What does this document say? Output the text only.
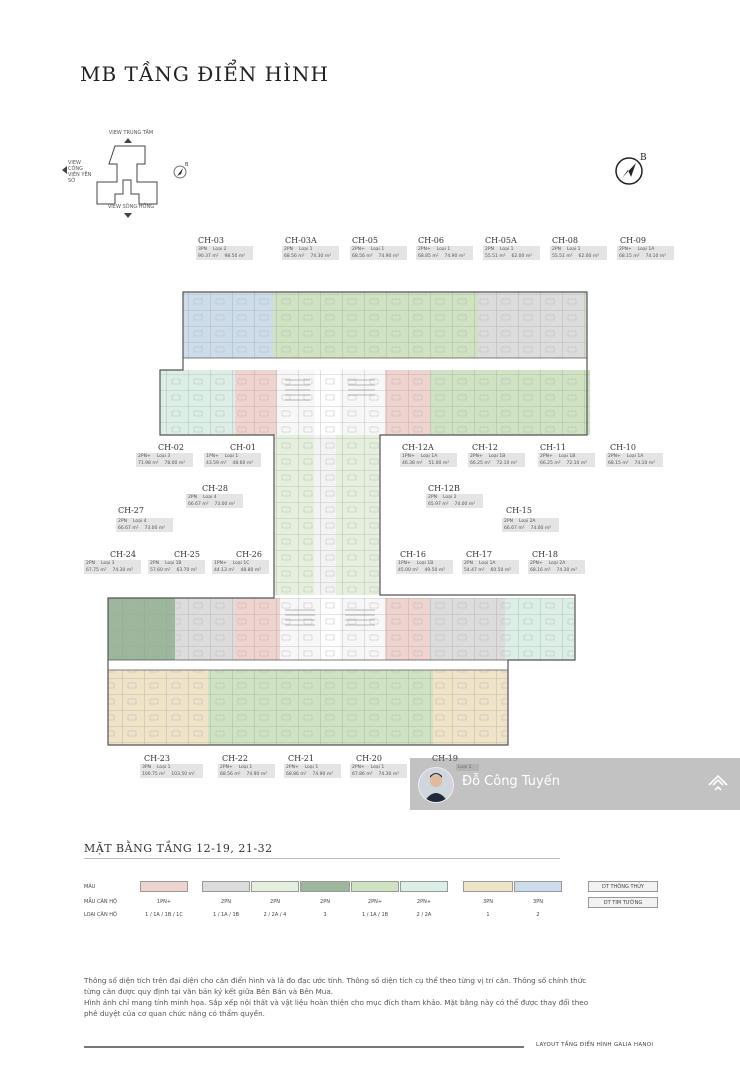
MB TẦNG ĐIỂN HÌNH
VIEW TRUNG TÂM
B
VIEW CÔNG VIÊN YÊN SỞ
VIEW SÔNG HỒNG
B
CH-03
3PN Loại 2
90.37 m² 98.50 m²
CH-03A
2PN Loại 1
68.56 m² 74.30 m²
CH-05
2PN+ Loại 1
68.56 m² 74.90 m²
CH-06
2PN+ Loại 1
68.85 m² 74.90 m²
CH-05A
2PN Loại 1
55.51 m² 62.00 m²
CH-08
2PN Loại 1
55.51 m² 62.00 m²
CH-09
2PN+ Loại 1A
68.15 m² 74.10 m²
CH-02
2PN+ Loại 3
71.98 m² 78.00 m²
CH-01
1PN+ Loại 1
43.59 m² 48.60 m²
CH-12A
1PN+ Loại 1A
46.38 m² 51.00 m²
CH-12
2PN+ Loại 1B
66.25 m² 72.10 m²
CH-11
2PN+ Loại 1B
66.25 m² 72.10 m²
CH-10
2PN+ Loại 1A
68.15 m² 74.10 m²
CH-28
2PN Loại 4
66.67 m² 73.00 m²
CH-12B
2PN Loại 2
65.97 m² 74.00 m²
CH-27
2PN Loại 4
66.67 m² 73.00 m²
CH-15
2PN Loại 2A
66.67 m² 74.00 m²
CH-24
2PN Loại 3
67.75 m² 74.30 m²
CH-25
2PN Loại 1B
57.60 m² 63.70 m²
CH-26
1PN+ Loại 1C
44.13 m² 48.80 m²
CH-16
1PN+ Loại 1B
45.00 m² 49.50 m²
CH-17
2PN Loại 1A
54.47 m² 60.50 m²
CH-18
2PN+ Loại 2A
68.16 m² 74.30 m²
CH-23
3PN Loại 1
100.75 m² 103.50 m²
CH-22
2PN+ Loại 1
68.56 m² 74.90 m²
CH-21
2PN+ Loại 1
68.86 m² 74.90 m²
CH-20
2PN+ Loại 1
67.86 m² 74.30 m²
CH-19
Loại 1
MẶT BẰNG TẦNG 12-19, 21-32
MÀU
MẪU CĂN HỘ
LOẠI CĂN HỘ
1PN+
1 / 1A / 1B / 1C
2PN
1 / 1A / 1B
2PN
2 / 2A / 4
2PN
3
2PN+
1 / 1A / 1B
2PN+
2 / 2A
3PN
1
3PN
2
DT THÔNG THỦY
DT TIM TƯỜNG
Thông số diện tích trên đại diện cho căn điển hình và là đo đạc ước tính. Thông số diện tích cụ thể theo từng vị trí căn. Thông số chính thức
từng căn được quy định tại văn bản ký kết giữa Bên Bán và Bên Mua.
Hình ảnh chỉ mang tính minh họa. Sắp xếp nội thất và vật liệu hoàn thiện cho mục đích tham khảo. Mặt bằng này có thể được thay đổi theo
phê duyệt của cơ quan chức năng có thẩm quyền.
LAYOUT TẦNG ĐIỂN HÌNH GALIA HANOI
Đỗ Công Tuyến
